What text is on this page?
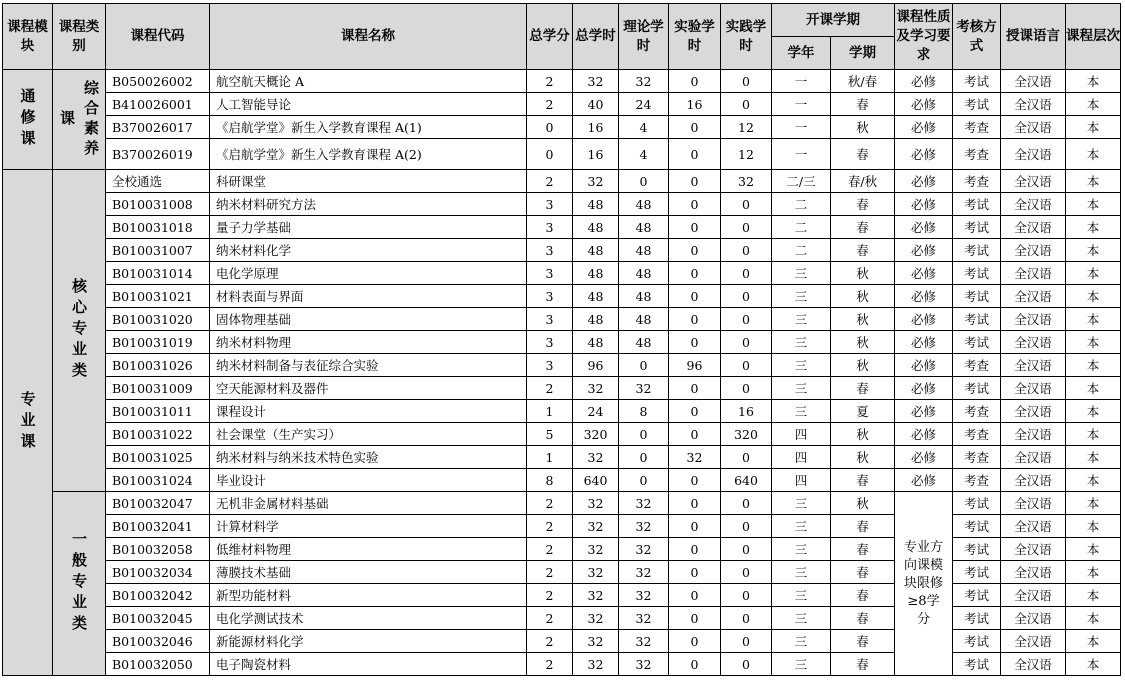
课程模块	课程类别	课程代码	课程名称	总学分	总学时	理论学时	实验学时	实践学时	开课学期		课程性质及学习要求	考核方式	授课语言	课程层次
									学年	学期				
通修课	综合素养课	B050026002	航空航天概论 A	2	32	32	0	0	一	秋/春	必修	考试	全汉语	本
		B410026001	人工智能导论	2	40	24	16	0	一	春	必修	考试	全汉语	本
		B370026017	《启航学堂》新生入学教育课程 A(1)	0	16	4	0	12	一	秋	必修	考查	全汉语	本
		B370026019	《启航学堂》新生入学教育课程 A(2)	0	16	4	0	12	一	春	必修	考查	全汉语	本
专业课	核心专业类	全校通选	科研课堂	2	32	0	0	32	二/三	春/秋	必修	考查	全汉语	本
		B010031008	纳米材料研究方法	3	48	48	0	0	二	春	必修	考试	全汉语	本
		B010031018	量子力学基础	3	48	48	0	0	二	春	必修	考试	全汉语	本
		B010031007	纳米材料化学	3	48	48	0	0	二	春	必修	考试	全汉语	本
		B010031014	电化学原理	3	48	48	0	0	三	秋	必修	考试	全汉语	本
		B010031021	材料表面与界面	3	48	48	0	0	三	秋	必修	考试	全汉语	本
		B010031020	固体物理基础	3	48	48	0	0	三	秋	必修	考试	全汉语	本
		B010031019	纳米材料物理	3	48	48	0	0	三	秋	必修	考试	全汉语	本
		B010031026	纳米材料制备与表征综合实验	3	96	0	96	0	三	秋	必修	考查	全汉语	本
		B010031009	空天能源材料及器件	2	32	32	0	0	三	春	必修	考试	全汉语	本
		B010031011	课程设计	1	24	8	0	16	三	夏	必修	考查	全汉语	本
		B010031022	社会课堂（生产实习）	5	320	0	0	320	四	秋	必修	考查	全汉语	本
		B010031025	纳米材料与纳米技术特色实验	1	32	0	32	0	四	秋	必修	考查	全汉语	本
		B010031024	毕业设计	8	640	0	0	640	四	春	必修	考查	全汉语	本
	一般专业类	B010032047	无机非金属材料基础	2	32	32	0	0	三	秋	专业方向课模块限修≥8学分	考试	全汉语	本
		B010032041	计算材料学	2	32	32	0	0	三	春		考试	全汉语	本
		B010032058	低维材料物理	2	32	32	0	0	三	春		考试	全汉语	本
		B010032034	薄膜技术基础	2	32	32	0	0	三	春		考试	全汉语	本
		B010032042	新型功能材料	2	32	32	0	0	三	春		考试	全汉语	本
		B010032045	电化学测试技术	2	32	32	0	0	三	春		考试	全汉语	本
		B010032046	新能源材料化学	2	32	32	0	0	三	春		考试	全汉语	本
		B010032050	电子陶瓷材料	2	32	32	0	0	三	春		考试	全汉语	本
